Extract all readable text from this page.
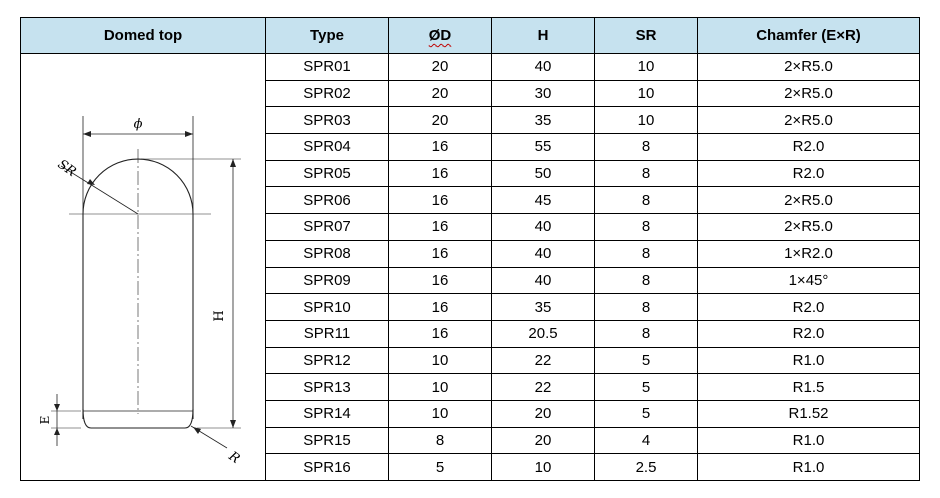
Domed top	Type	ØD	H	SR	Chamfer (E×R)

ϕ
SR
H
E
R	SPR01	20	40	10	2×R5.0
	SPR02	20	30	10	2×R5.0
	SPR03	20	35	10	2×R5.0
	SPR04	16	55	8	R2.0
	SPR05	16	50	8	R2.0
	SPR06	16	45	8	2×R5.0
	SPR07	16	40	8	2×R5.0
	SPR08	16	40	8	1×R2.0
	SPR09	16	40	8	1×45°
	SPR10	16	35	8	R2.0
	SPR11	16	20.5	8	R2.0
	SPR12	10	22	5	R1.0
	SPR13	10	22	5	R1.5
	SPR14	10	20	5	R1.52
	SPR15	8	20	4	R1.0
	SPR16	5	10	2.5	R1.0
